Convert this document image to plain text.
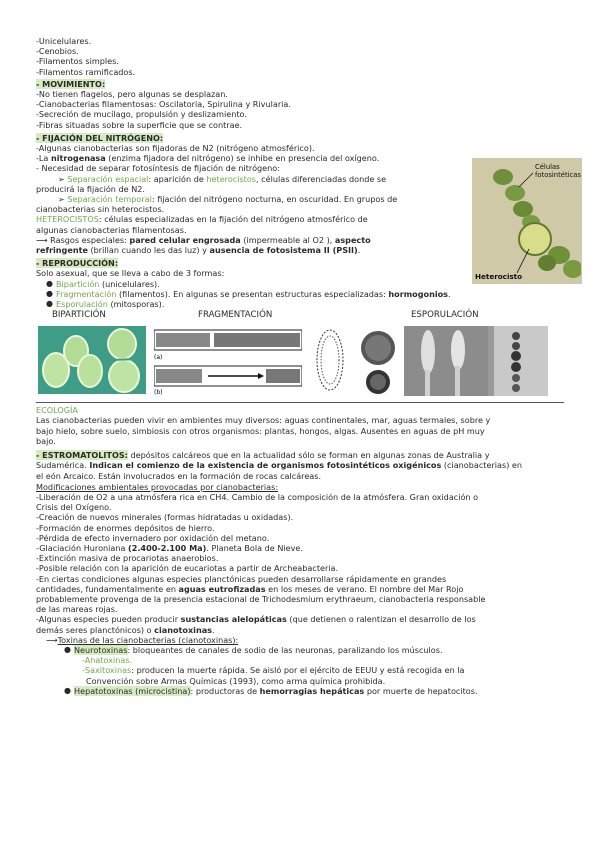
-Unicelulares.
-Cenobios.
-Filamentos simples.
-Filamentos ramificados.
- MOVIMIENTO:
-No tienen flagelos, pero algunas se desplazan.
-Cianobacterias filamentosas: Oscilatoria, Spirulina y Rivularia.
-Secreción de mucílago, propulsión y deslizamiento.
-Fibras situadas sobre la superficie que se contrae.
- FIJACIÓN DEL NITRÓGENO:
-Algunas cianobacterias son fijadoras de N2 (nitrógeno atmosférico).
-La nitrogenasa (enzima fijadora del nitrógeno) se inhibe en presencia del oxígeno.
- Necesidad de separar fotosíntesis de fijación de nitrógeno:
➢ Separación espacial: aparición de heterocistos, células diferenciadas donde se
producirá la fijación de N2.
➢ Separación temporal: fijación del nitrógeno nocturna, en oscuridad. En grupos de
cianobacterias sin heterocistos.
HETEROCISTOS: células especializadas en la fijación del nitrógeno atmosférico de
algunas cianobacterias filamentosas.
⟶ Rasgos especiales: pared celular engrosada (impermeable al O2 ), aspecto
refringente (brillan cuando les das luz) y ausencia de fotosistema II (PSII).
- REPRODUCCIÓN:
Solo asexual, que se lleva a cabo de 3 formas:
● Bipartición (unicelulares).
● Fragmentación (filamentos). En algunas se presentan estructuras especializadas: hormogonios.
● Esporulación (mitosporas).
BIPARTICIÓN	FRAGMENTACIÓN	ESPORULACIÓN
(a)
(b)
ECOLOGÍA
Las cianobacterias pueden vivir en ambientes muy diversos: aguas continentales, mar, aguas termales, sobre y
bajo hielo, sobre suelo, simbiosis con otros organismos: plantas, hongos, algas. Ausentes en aguas de pH muy
bajo.
- ESTROMATOLITOS: depósitos calcáreos que en la actualidad sólo se forman en algunas zonas de Australia y
Sudamérica. Indican el comienzo de la existencia de organismos fotosintéticos oxigénicos (cianobacterias) en
el eón Arcaico. Están involucrados en la formación de rocas calcáreas.
Modificaciones ambientales provocadas por cianobacterias:
-Liberación de O2 a una atmósfera rica en CH4. Cambio de la composición de la atmósfera. Gran oxidación o
Crisis del Oxígeno.
-Creación de nuevos minerales (formas hidratadas u oxidadas).
-Formación de enormes depósitos de hierro.
-Pérdida de efecto invernadero por oxidación del metano.
-Glaciación Huroniana (2.400-2.100 Ma). Planeta Bola de Nieve.
-Extinción masiva de procariotas anaerobios.
-Posible relación con la aparición de eucariotas a partir de Archeabacteria.
-En ciertas condiciones algunas especies planctónicas pueden desarrollarse rápidamente en grandes
cantidades, fundamentalmente en aguas eutrofizadas en los meses de verano. El nombre del Mar Rojo
probablemente provenga de la presencia estacional de Trichodesmium erythraeum, cianobacteria responsable
de las mareas rojas.
-Algunas especies pueden producir sustancias alelopáticas (que detienen o ralentizan el desarrollo de los
demás seres planctónicos) o cianotoxinas.
⟶Toxinas de las cianobacterias (cianotoxinas):
● Neurotoxinas: bloqueantes de canales de sodio de las neuronas, paralizando los músculos.
-Anatoxinas.
-Saxitoxinas: producen la muerte rápida. Se aisló por el ejército de EEUU y está recogida en la
Convención sobre Armas Químicas (1993), como arma química prohibida.
● Hepatotoxinas (microcistina): productoras de hemorragias hepáticas por muerte de hepatocitos.
Células
fotosintéticas
Heterocisto
